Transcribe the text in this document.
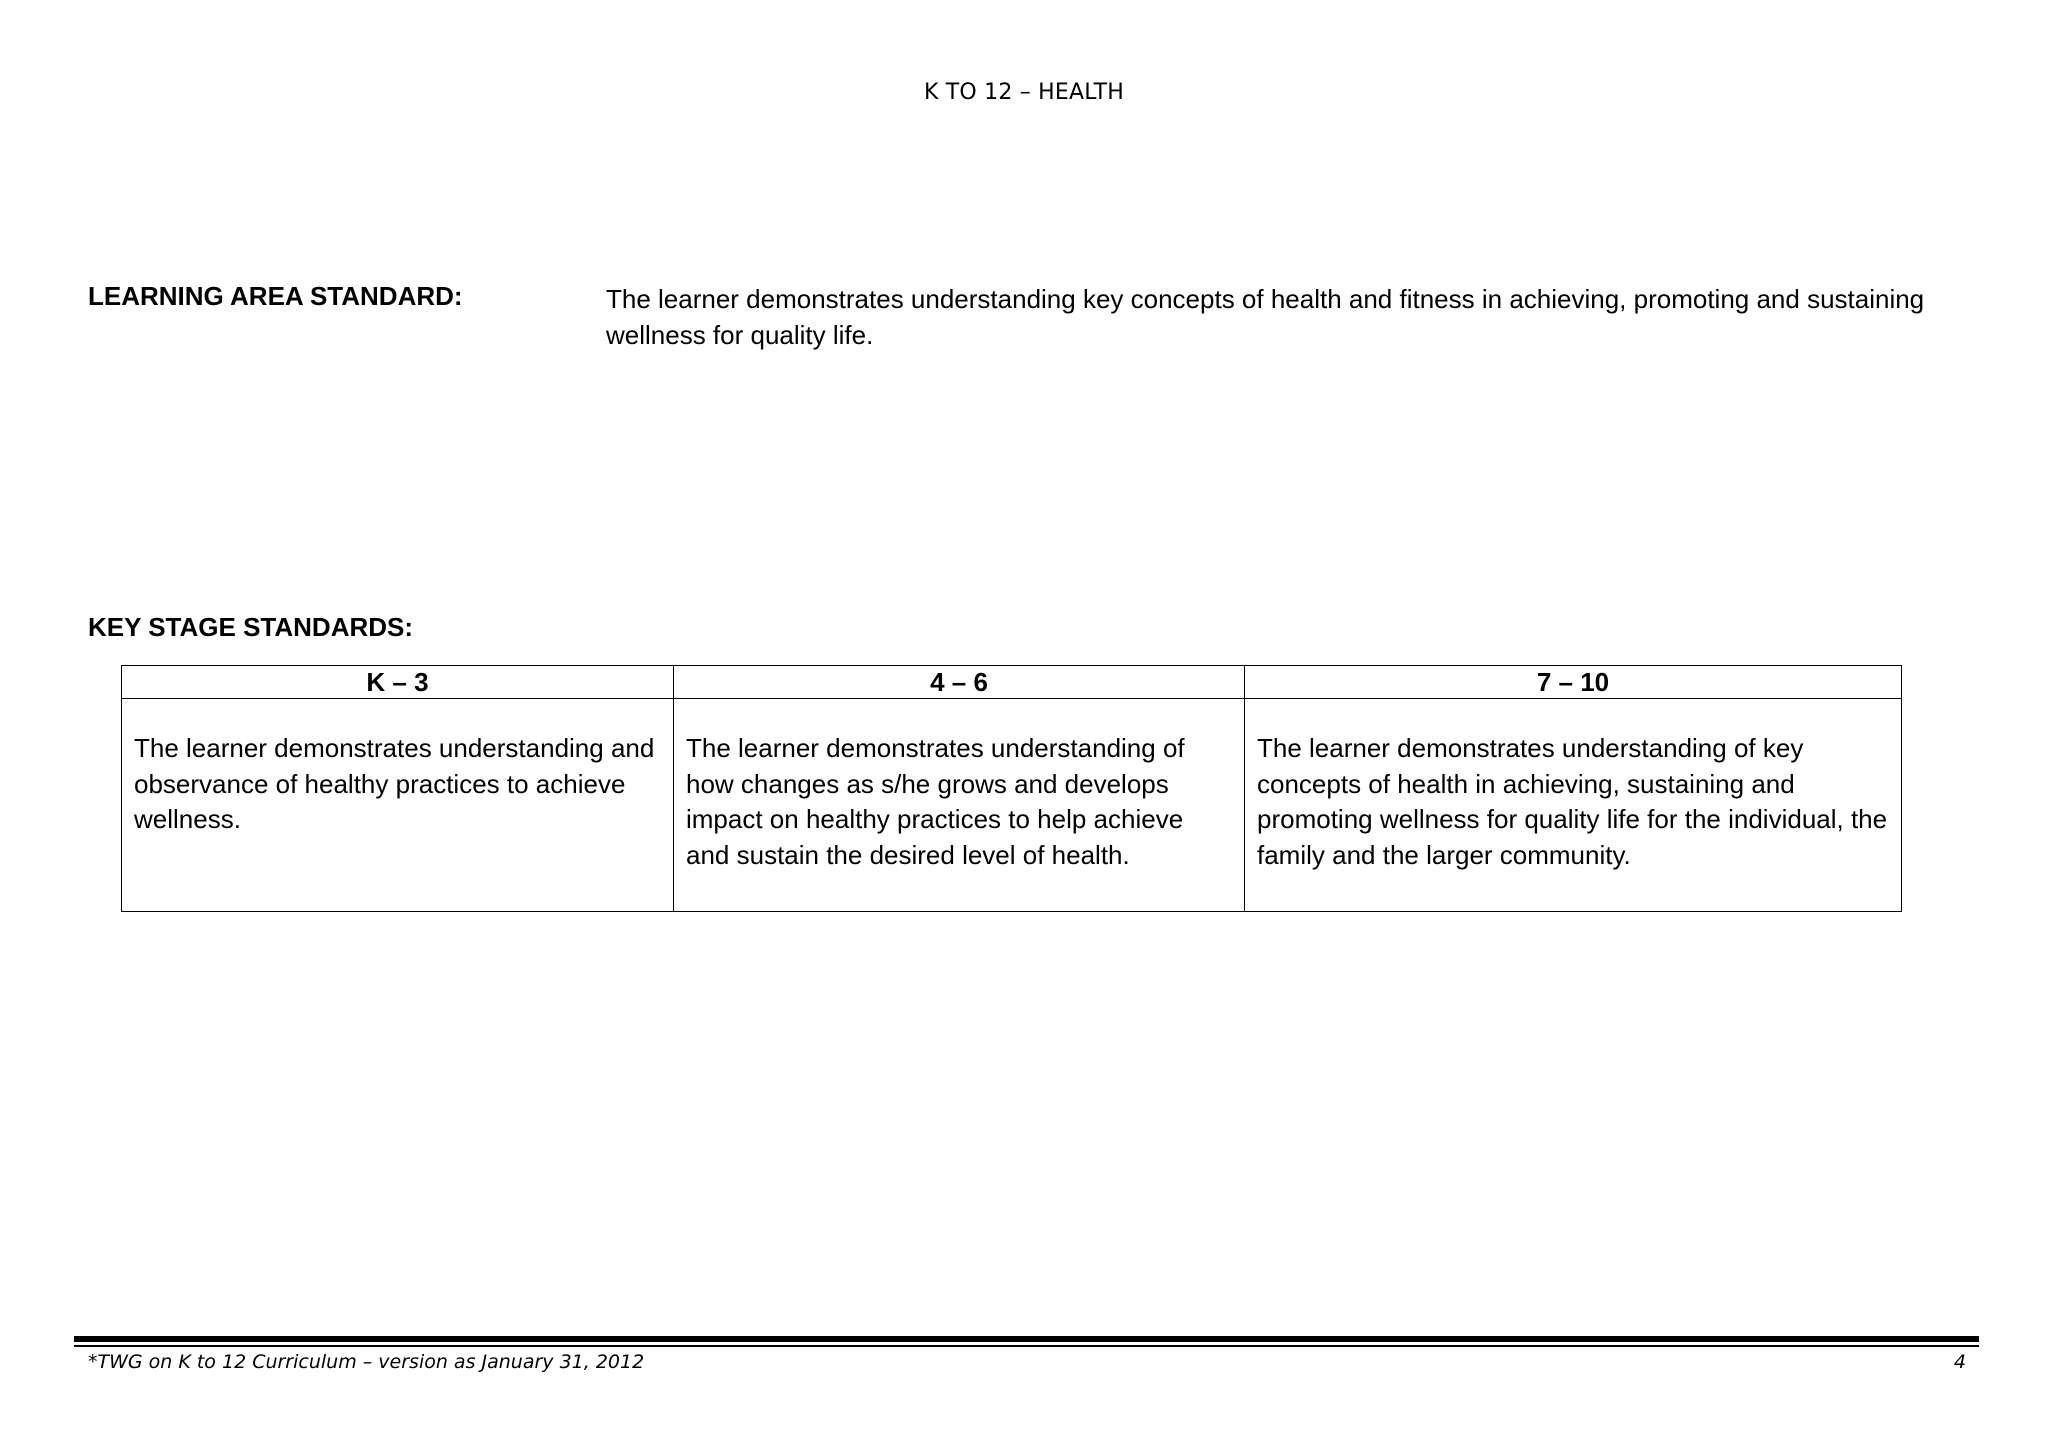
K TO 12 – HEALTH
LEARNING AREA STANDARD:	The learner demonstrates understanding key concepts of health and fitness in achieving, promoting and sustaining wellness for quality life.
KEY STAGE STANDARDS:
K – 3	4 – 6	7 – 10
The learner demonstrates understanding and observance of healthy practices to achieve wellness.	The learner demonstrates understanding of how changes as s/he grows and develops impact on healthy practices to help achieve and sustain the desired level of health.	The learner demonstrates understanding of key concepts of health in achieving, sustaining and promoting wellness for quality life for the individual, the family and the larger community.
*TWG on K to 12 Curriculum – version as January 31, 2012	4
